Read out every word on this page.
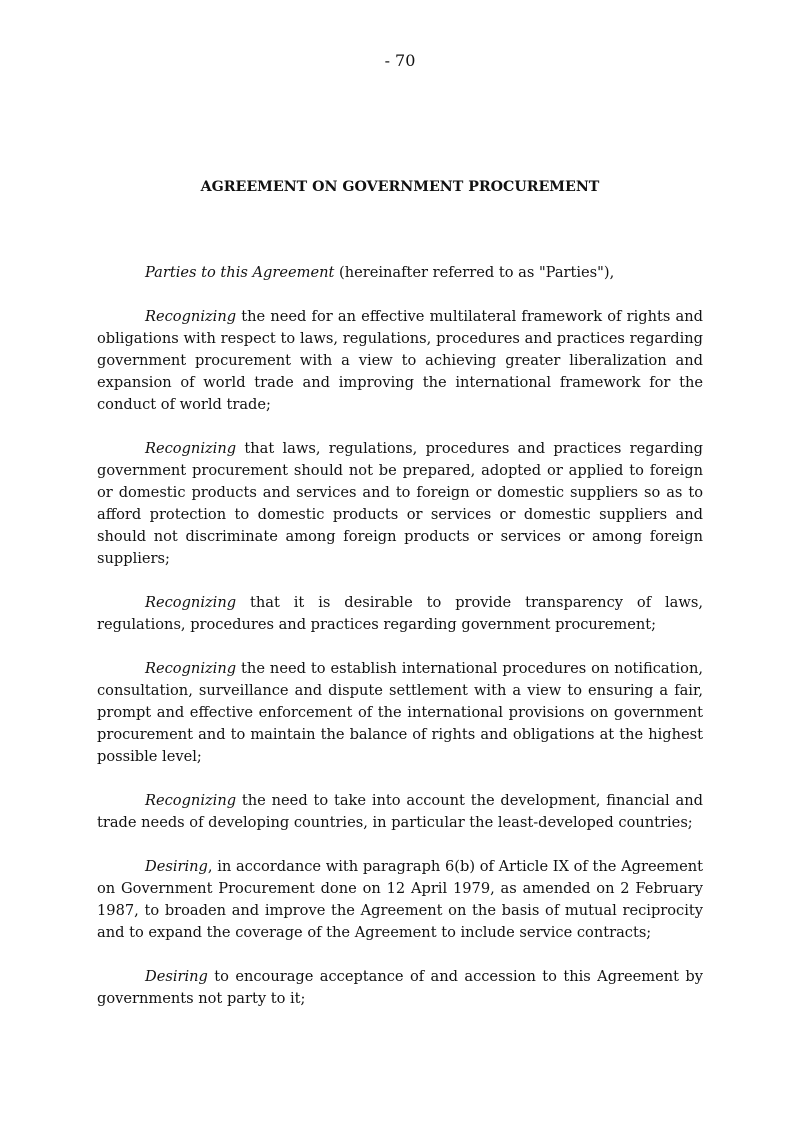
- 70
AGREEMENT ON GOVERNMENT PROCUREMENT

Parties to this Agreement (hereinafter referred to as "Parties"),

Recognizing the need for an effective multilateral framework of rights and obligations with respect to laws, regulations, procedures and practices regarding government procurement with a view to achieving greater liberalization and expansion of world trade and improving the international framework for the conduct of world trade;

Recognizing that laws, regulations, procedures and practices regarding government procurement should not be prepared, adopted or applied to foreign or domestic products and services and to foreign or domestic suppliers so as to afford protection to domestic products or services or domestic suppliers and should not discriminate among foreign products or services or among foreign suppliers;

Recognizing that it is desirable to provide transparency of laws, regulations, procedures and practices regarding government procurement;

Recognizing the need to establish international procedures on notification, consultation, surveillance and dispute settlement with a view to ensuring a fair, prompt and effective enforcement of the international provisions on government procurement and to maintain the balance of rights and obligations at the highest possible level;

Recognizing the need to take into account the development, financial and trade needs of developing countries, in particular the least-developed countries;

Desiring, in accordance with paragraph 6(b) of Article IX of the Agreement on Government Procurement done on 12 April 1979, as amended on 2 February 1987, to broaden and improve the Agreement on the basis of mutual reciprocity and to expand the coverage of the Agreement to include service contracts;

Desiring to encourage acceptance of and accession to this Agreement by governments not party to it;
